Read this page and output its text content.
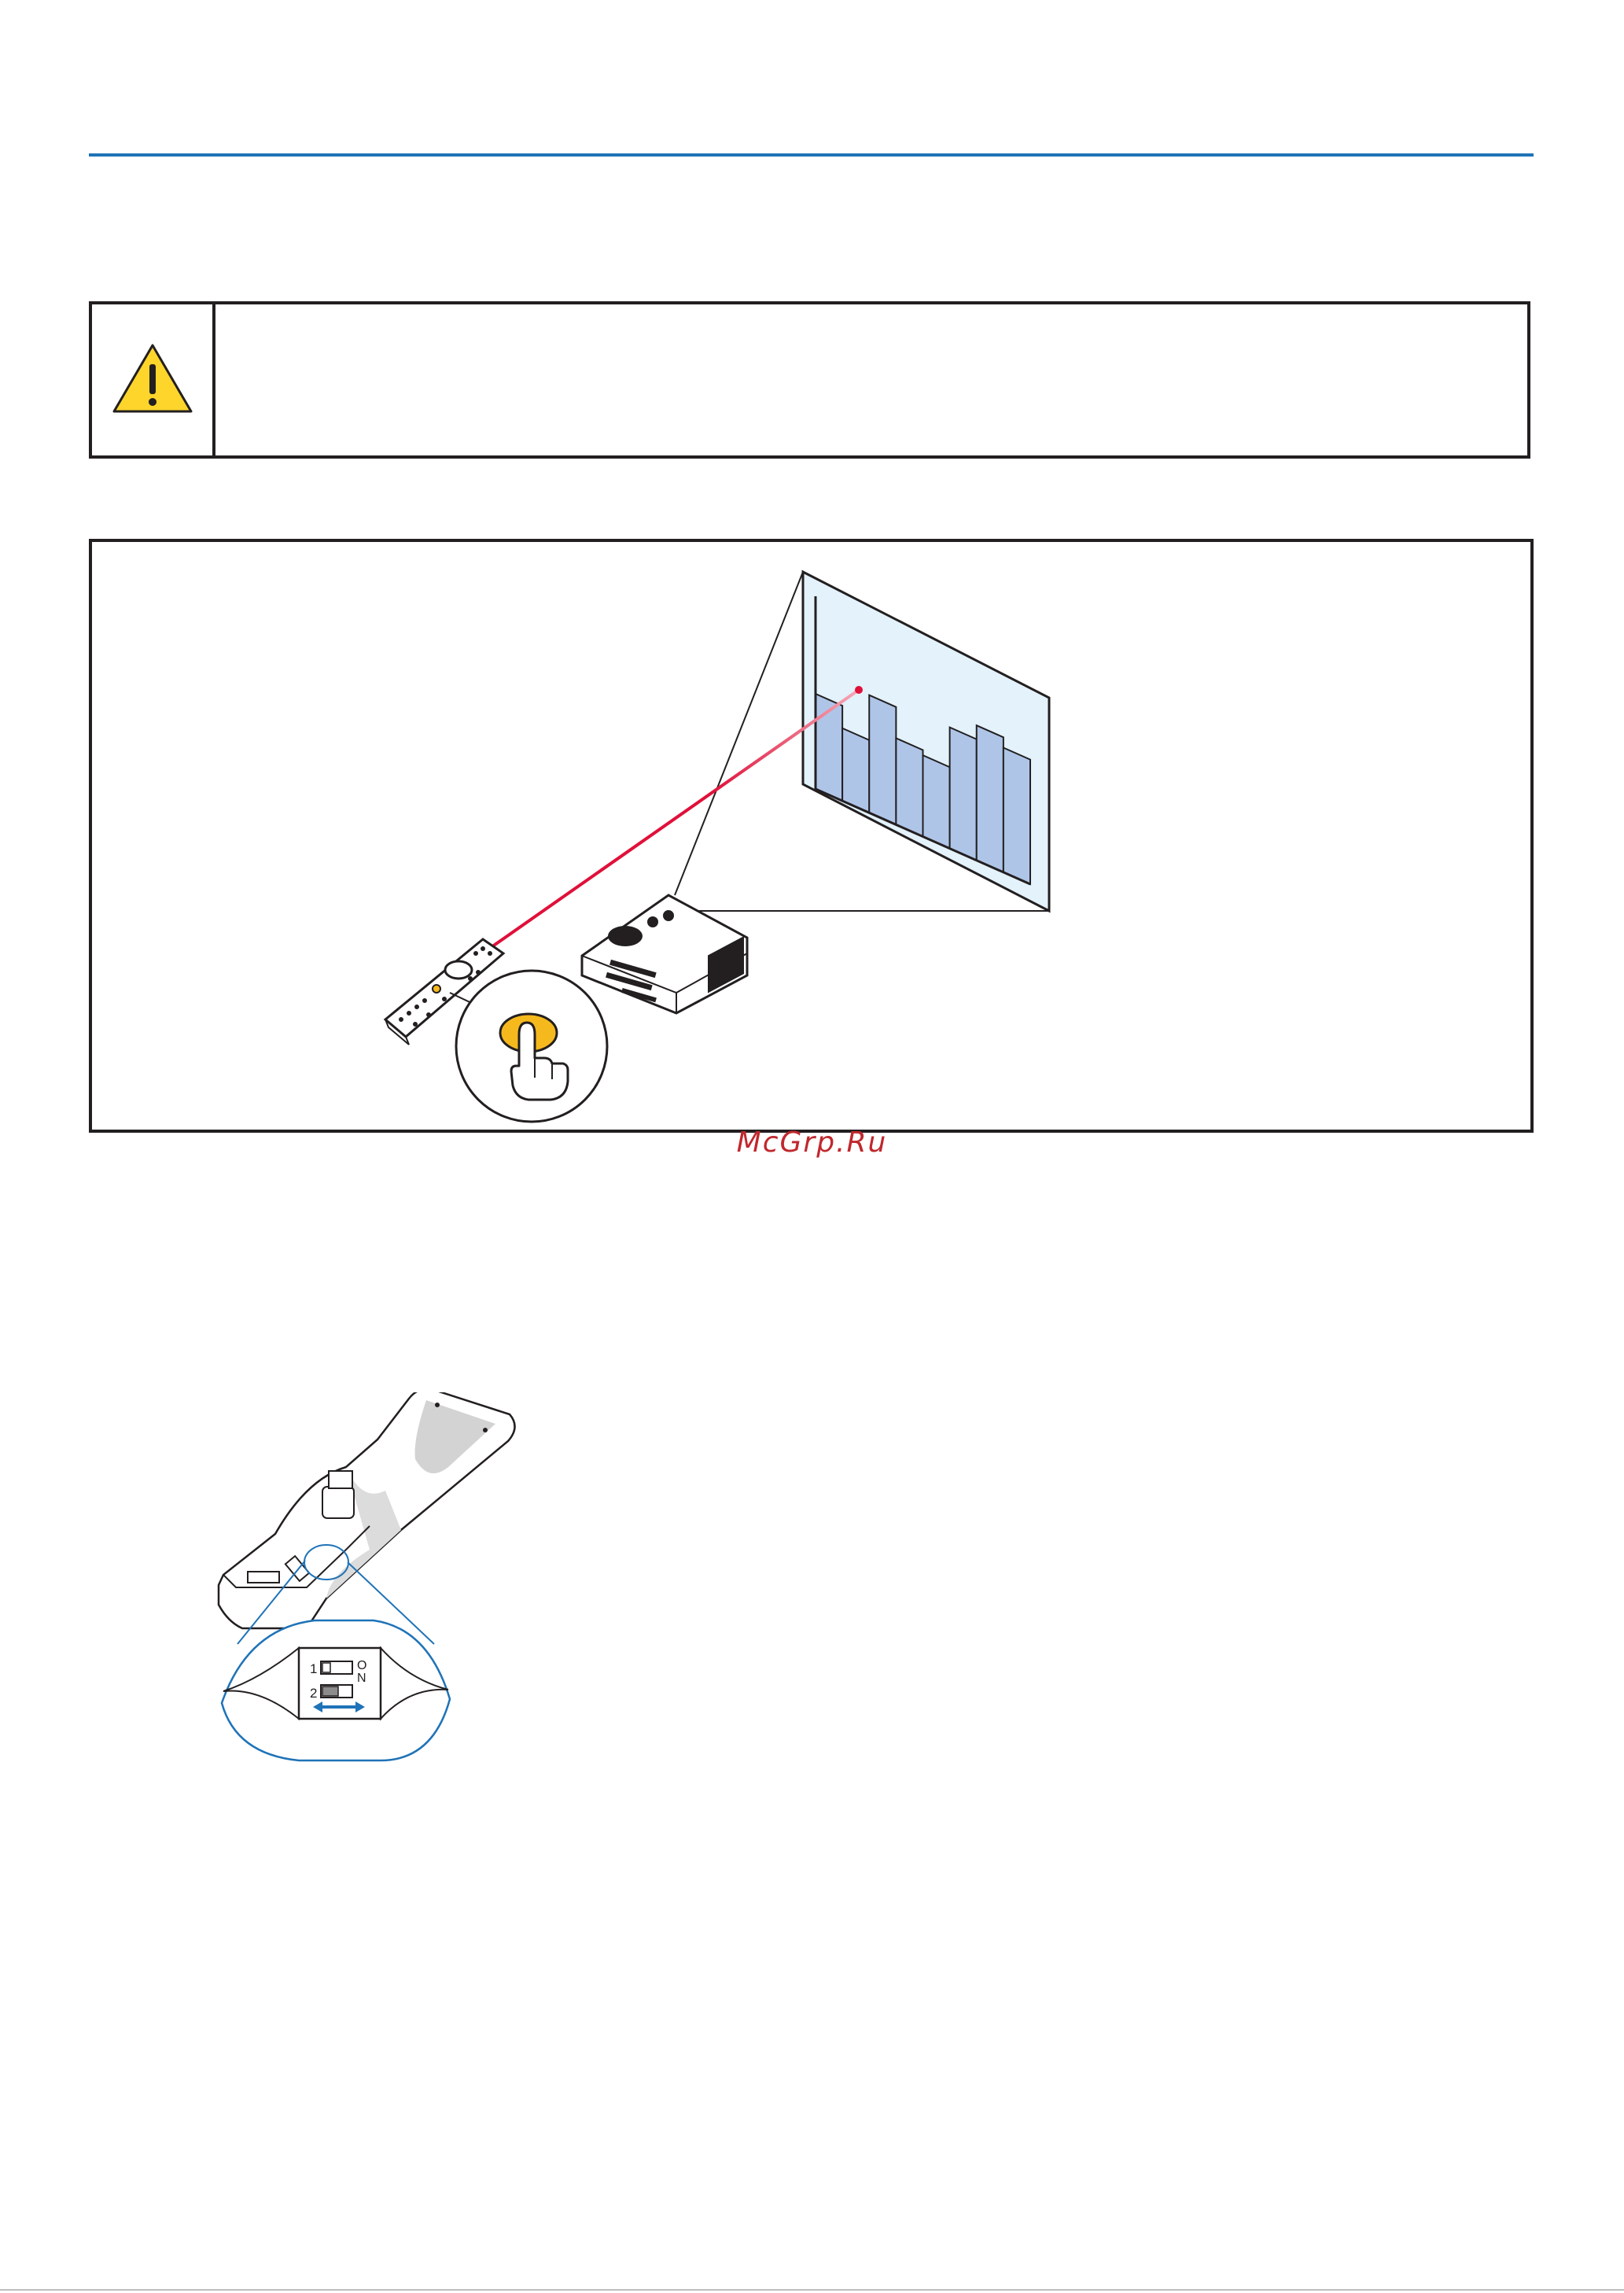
McGrp.Ru
1
2
O
N
